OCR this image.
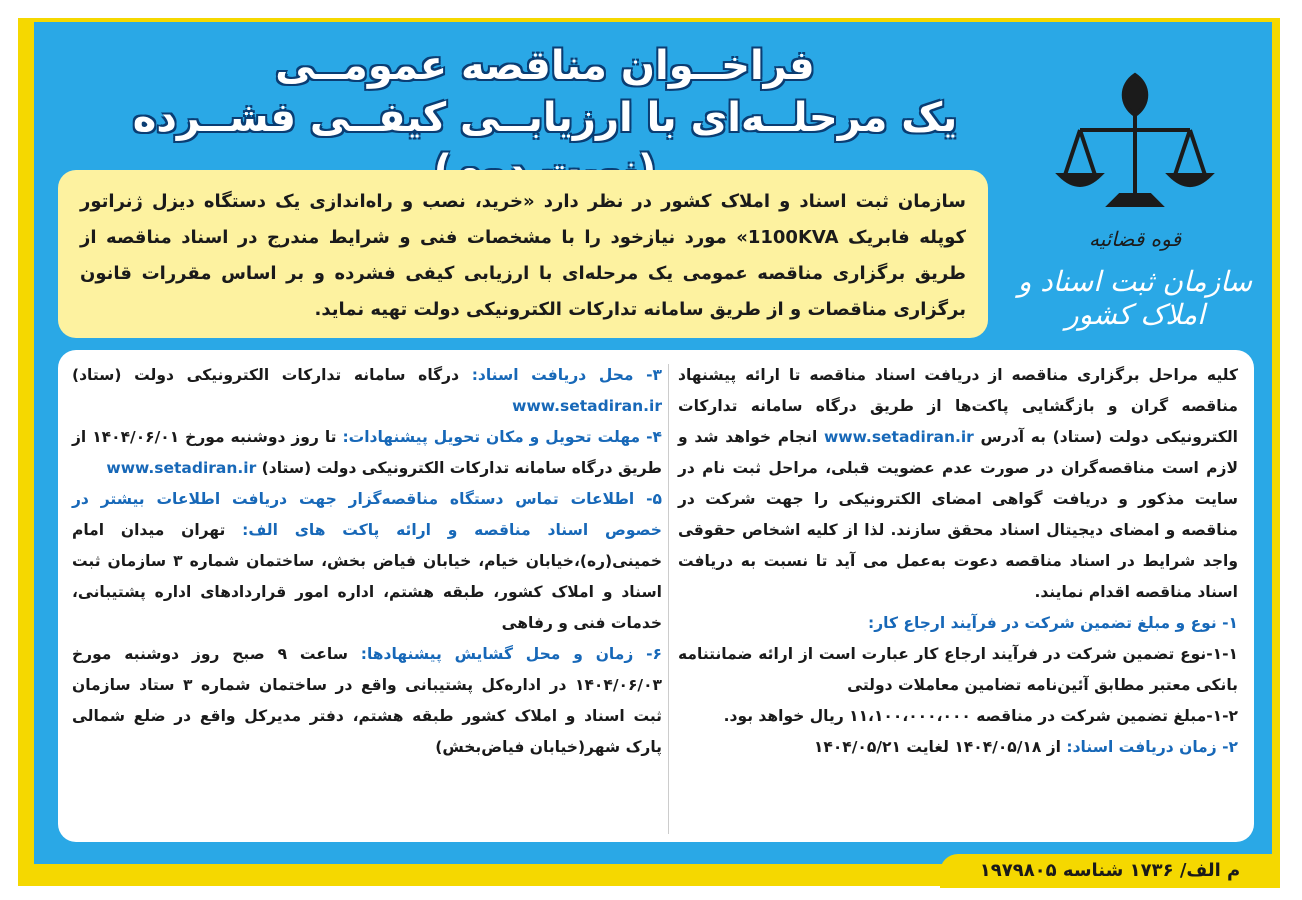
فراخــوان مناقصه عمومــی
یک مرحلــه‌ای با ارزیابــی کیفــی فشــرده
قوه قضائیه
سازمان ثبت اسناد و املاک کشور
سازمان ثبت اسناد و املاک کشور در نظر دارد «خرید، نصب و راه‌اندازی یک دستگاه دیزل ژنراتور کوپله فابریک 1100KVA» مورد نیازخود را با مشخصات فنی و شرایط مندرج در اسناد مناقصه از طریق برگزاری مناقصه عمومی یک مرحله‌ای با ارزیابی کیفی فشرده و بر اساس مقررات قانون برگزاری مناقصات و از طریق سامانه تدارکات الکترونیکی دولت تهیه نماید.
کلیه مراحل برگزاری مناقصه از دریافت اسناد مناقصه تا ارائه پیشنهاد مناقصه گران و بازگشایی پاکت‌ها از طریق درگاه سامانه تدارکات الکترونیکی دولت (ستاد) به آدرس www.setadiran.ir انجام خواهد شد و لازم است مناقصه‌گران در صورت عدم عضویت قبلی، مراحل ثبت نام در سایت مذکور و دریافت گواهی امضای الکترونیکی را جهت شرکت در مناقصه و امضای دیجیتال اسناد محقق سازند. لذا از کلیه اشخاص حقوقی واجد شرایط در اسناد مناقصه دعوت به‌عمل می آید تا نسبت به دریافت اسناد مناقصه اقدام نمایند.
۱- نوع و مبلغ تضمین شرکت در فرآیند ارجاع کار:
۱-۱-نوع تضمین شرکت در فرآیند ارجاع کار عبارت است از ارائه ضمانتنامه بانکی معتبر مطابق آئین‌نامه تضامین معاملات دولتی
۱-۲-مبلغ تضمین شرکت در مناقصه ۱۱،۱۰۰،۰۰۰،۰۰۰ ریال خواهد بود.
۲- زمان دریافت اسناد: از ۱۴۰۴/۰۵/۱۸ لغایت ۱۴۰۴/۰۵/۲۱
۳- محل دریافت اسناد: درگاه سامانه تدارکات الکترونیکی دولت (ستاد) www.setadiran.ir
۴- مهلت تحویل و مکان تحویل پیشنهادات: تا روز دوشنبه مورخ ۱۴۰۴/۰۶/۰۱ از طریق درگاه سامانه تدارکات الکترونیکی دولت (ستاد) www.setadiran.ir
۵- اطلاعات تماس دستگاه مناقصه‌گزار جهت دریافت اطلاعات بیشتر در خصوص اسناد مناقصه و ارائه پاکت های الف: تهران میدان امام خمینی(ره)،خیابان خیام، خیابان فیاض بخش، ساختمان شماره ۳ سازمان ثبت اسناد و املاک کشور، طبقه هشتم، اداره امور قراردادهای اداره پشتیبانی، خدمات فنی و رفاهی
۶- زمان و محل گشایش پیشنهادها: ساعت ۹ صبح روز دوشنبه مورخ ۱۴۰۴/۰۶/۰۳ در اداره‌کل پشتیبانی واقع در ساختمان شماره ۳ ستاد سازمان ثبت اسناد و املاک کشور طبقه هشتم، دفتر مدیرکل واقع در ضلع شمالی پارک شهر(خیابان فیاض‌بخش)
م الف/ ۱۷۳۶ شناسه ۱۹۷۹۸۰۵
